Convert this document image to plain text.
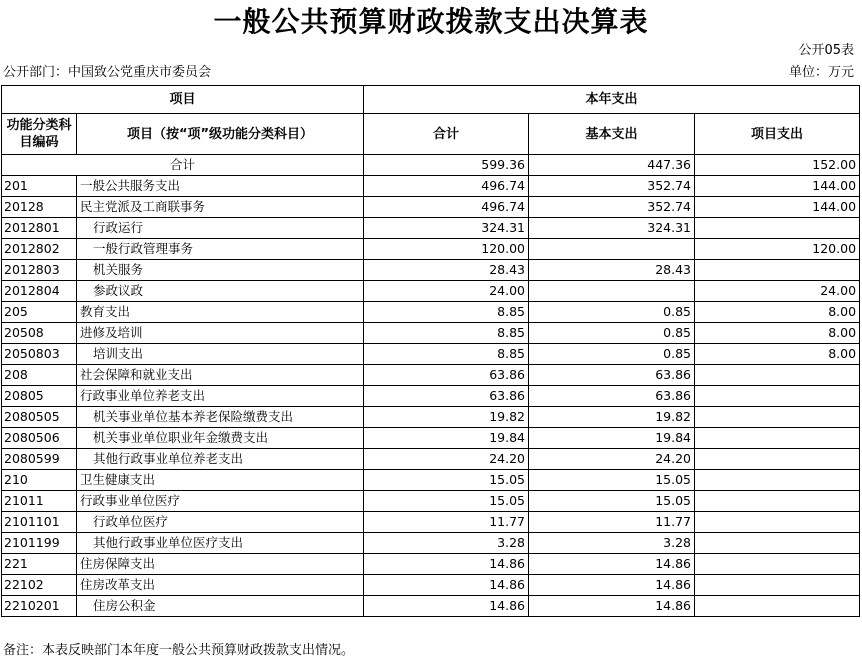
一般公共预算财政拨款支出决算表
公开05表
公开部门：中国致公党重庆市委员会	单位：万元
项目		本年支出		
功能分类科目编码	项目（按“项”级功能分类科目）	合计	基本支出	项目支出
合计		599.36	447.36	152.00
201	一般公共服务支出	496.74	352.74	144.00
20128	民主党派及工商联事务	496.74	352.74	144.00
2012801	行政运行	324.31	324.31	
2012802	一般行政管理事务	120.00		120.00
2012803	机关服务	28.43	28.43	
2012804	参政议政	24.00		24.00
205	教育支出	8.85	0.85	8.00
20508	进修及培训	8.85	0.85	8.00
2050803	培训支出	8.85	0.85	8.00
208	社会保障和就业支出	63.86	63.86	
20805	行政事业单位养老支出	63.86	63.86	
2080505	机关事业单位基本养老保险缴费支出	19.82	19.82	
2080506	机关事业单位职业年金缴费支出	19.84	19.84	
2080599	其他行政事业单位养老支出	24.20	24.20	
210	卫生健康支出	15.05	15.05	
21011	行政事业单位医疗	15.05	15.05	
2101101	行政单位医疗	11.77	11.77	
2101199	其他行政事业单位医疗支出	3.28	3.28	
221	住房保障支出	14.86	14.86	
22102	住房改革支出	14.86	14.86	
2210201	住房公积金	14.86	14.86	
备注：本表反映部门本年度一般公共预算财政拨款支出情况。
